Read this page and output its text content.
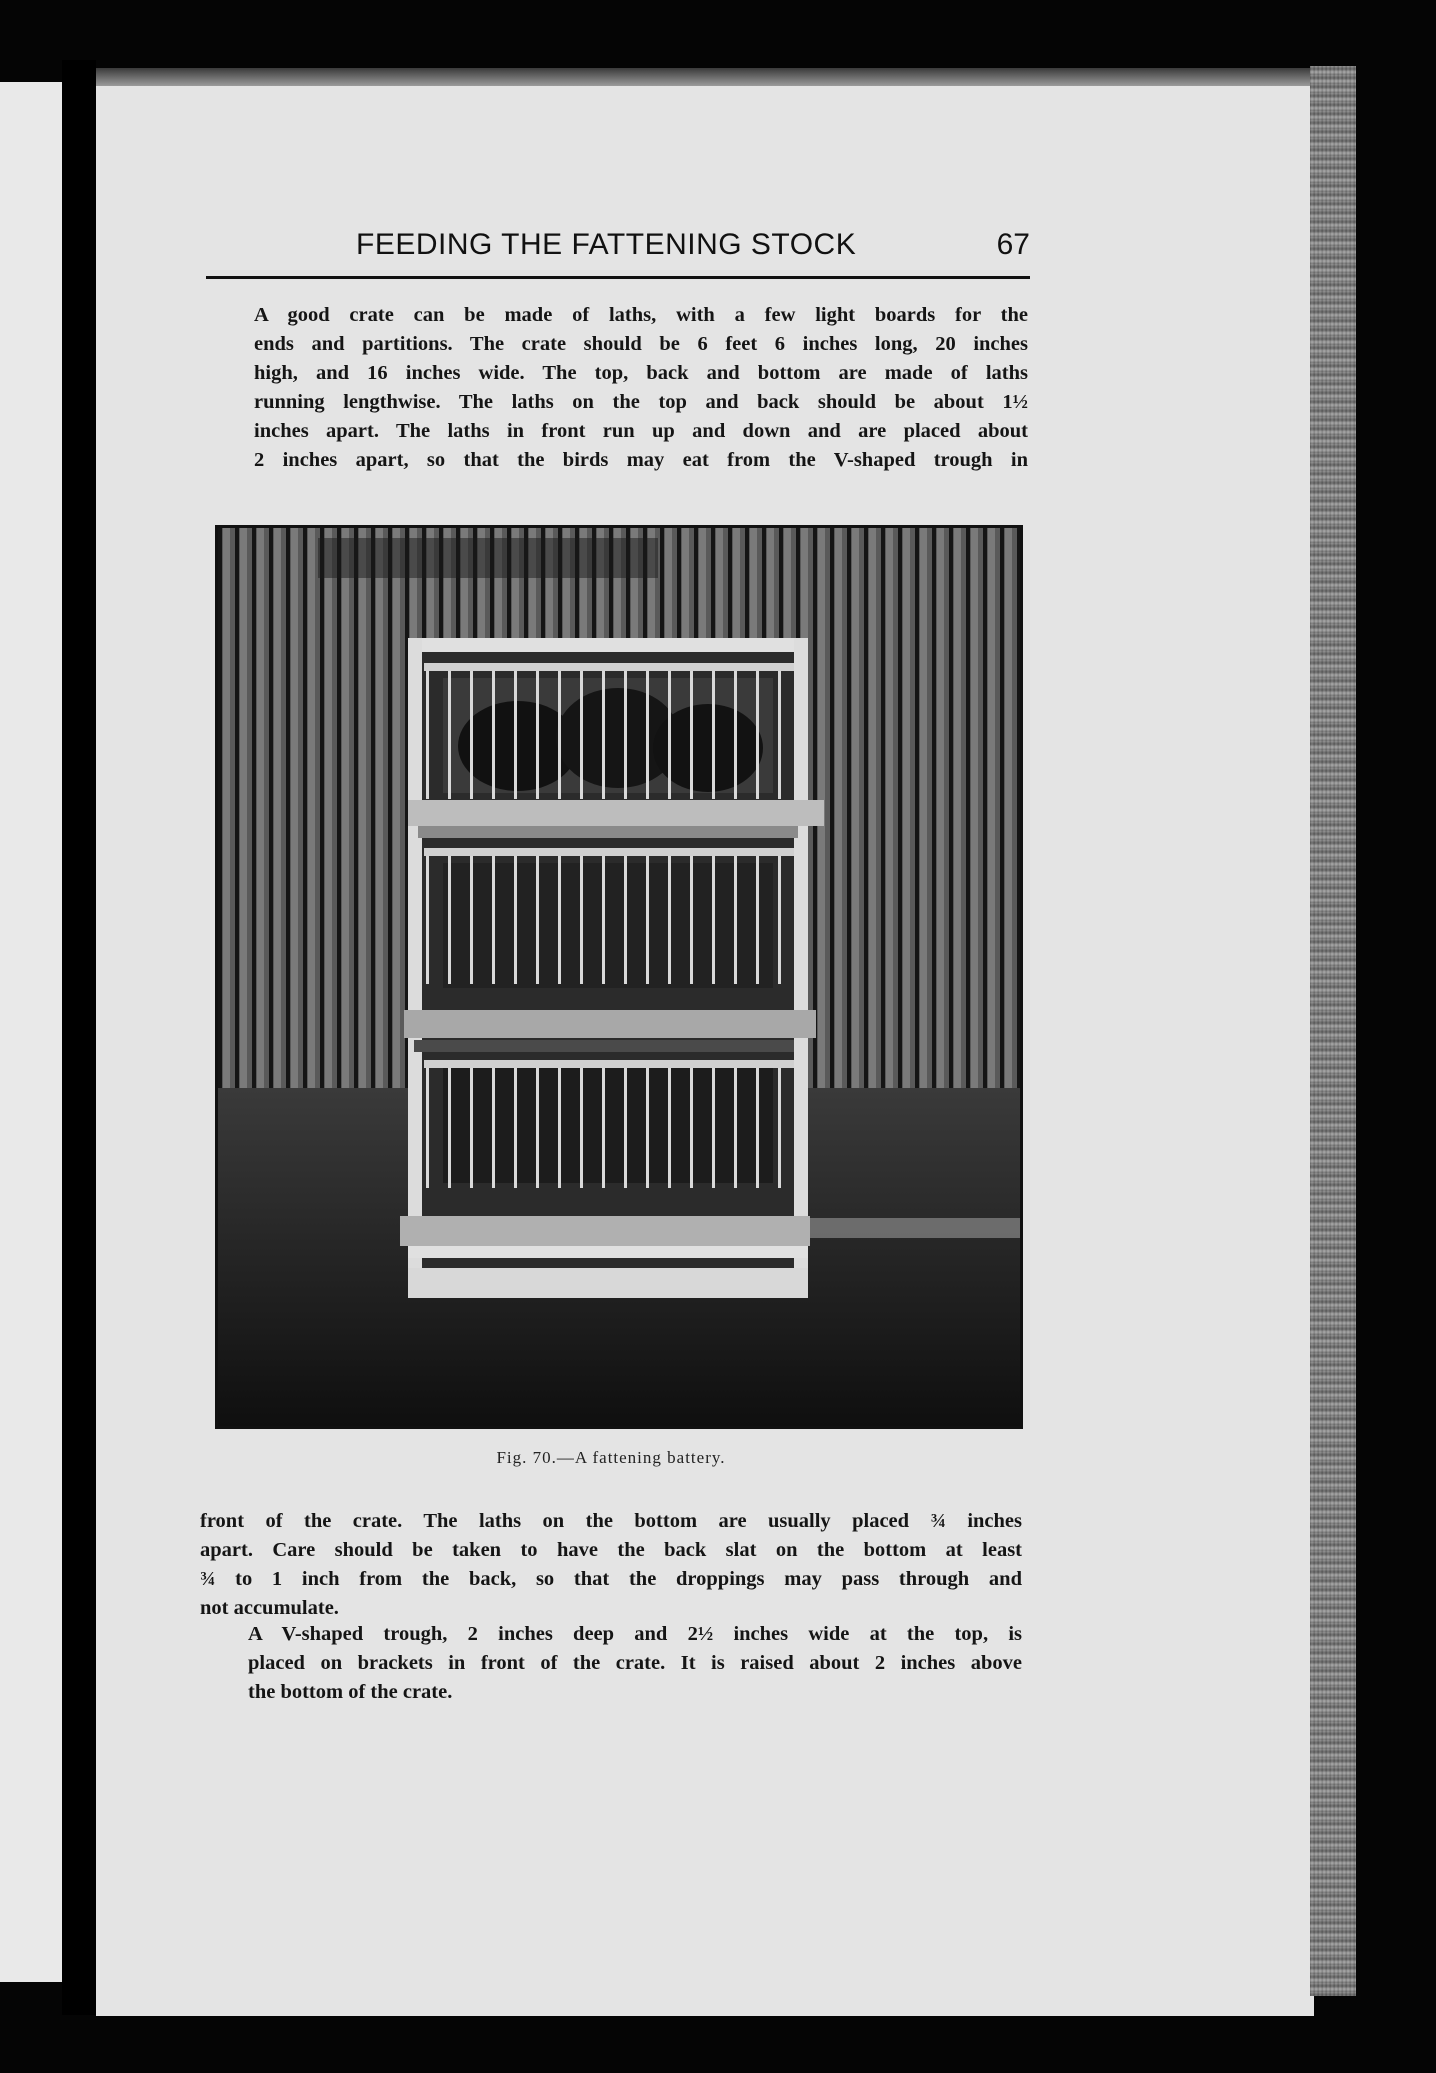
FEEDING THE FATTENING STOCK	67

A good crate can be made of laths, with a few light boards for the
ends and partitions. The crate should be 6 feet 6 inches long, 20 inches
high, and 16 inches wide. The top, back and bottom are made of laths
running lengthwise. The laths on the top and back should be about 1½
inches apart. The laths in front run up and down and are placed about
2 inches apart, so that the birds may eat from the V-shaped trough in

Fig. 70.—A fattening battery.

front of the crate. The laths on the bottom are usually placed ¾ inches
apart. Care should be taken to have the back slat on the bottom at least
¾ to 1 inch from the back, so that the droppings may pass through and
not accumulate.

A V-shaped trough, 2 inches deep and 2½ inches wide at the top, is
placed on brackets in front of the crate. It is raised about 2 inches above
the bottom of the crate.
